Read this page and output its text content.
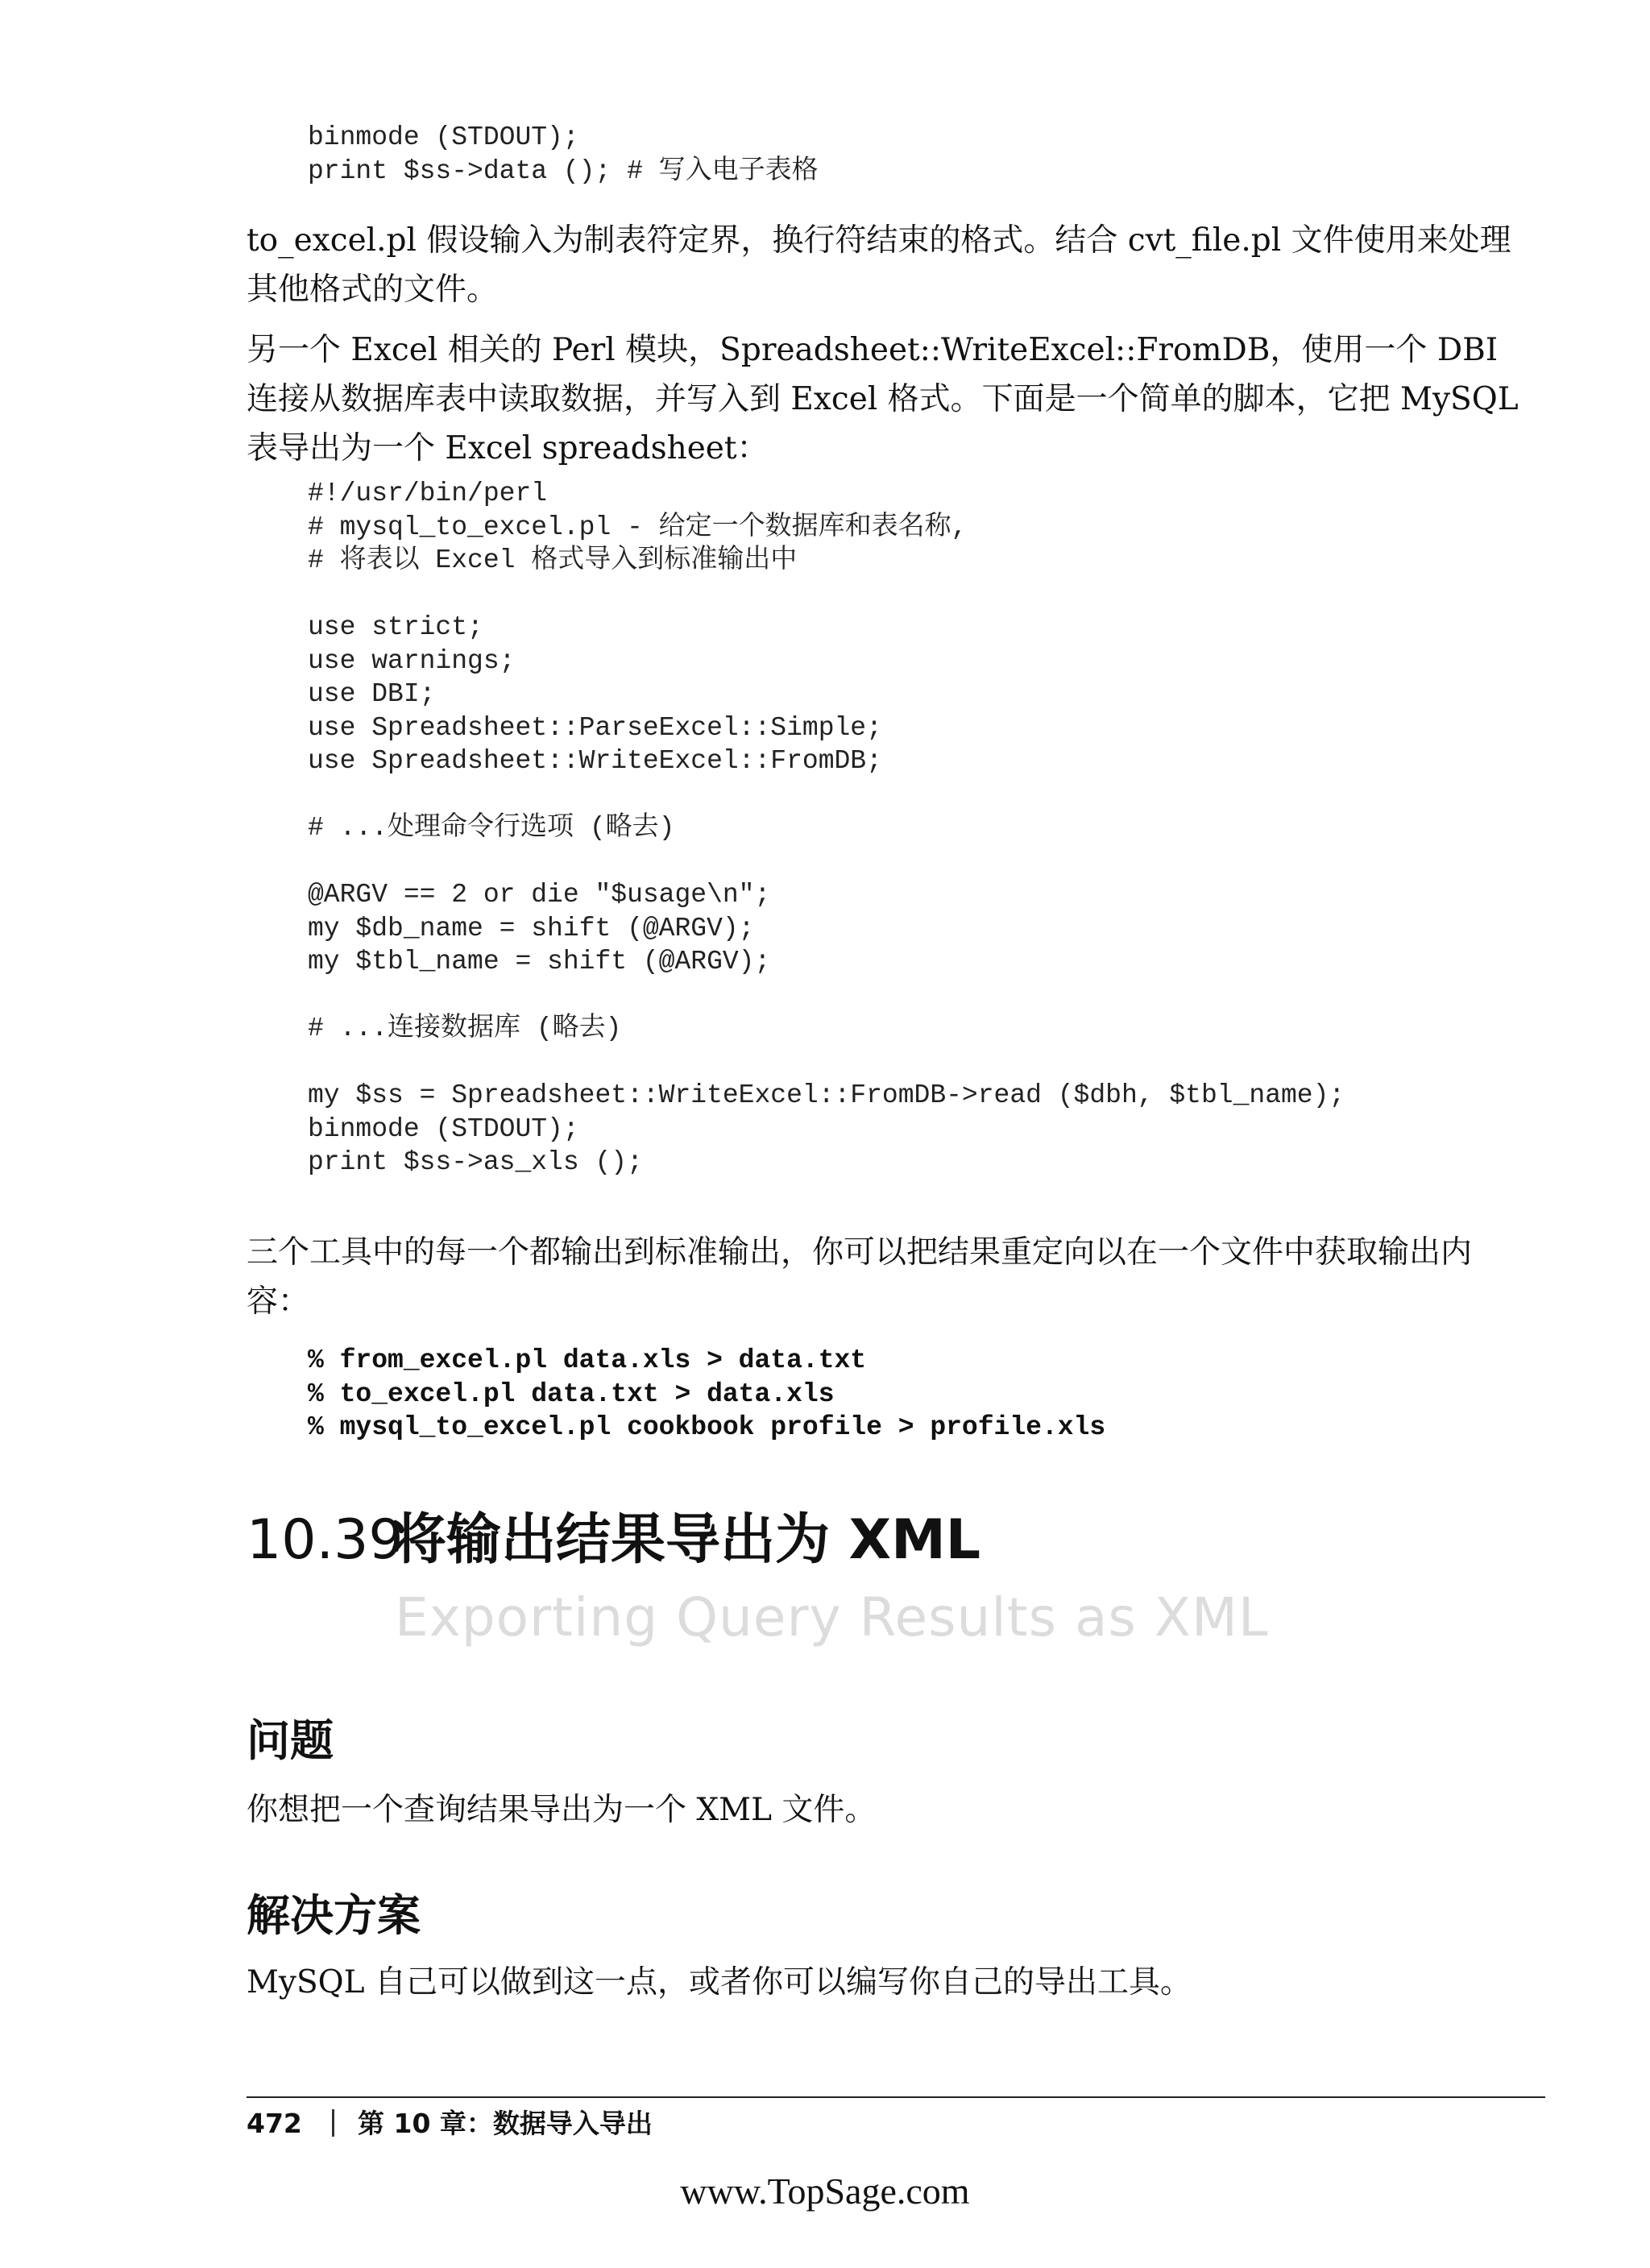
binmode (STDOUT);
print $ss->data (); # 写入电子表格

to_excel.pl 假设输入为制表符定界，换行符结束的格式。结合 cvt_file.pl 文件使用来处理其他格式的文件。

另一个 Excel 相关的 Perl 模块，Spreadsheet::WriteExcel::FromDB，使用一个 DBI 连接从数据库表中读取数据，并写入到 Excel 格式。下面是一个简单的脚本，它把 MySQL 表导出为一个 Excel spreadsheet：

#!/usr/bin/perl
# mysql_to_excel.pl - 给定一个数据库和表名称,
# 将表以 Excel 格式导入到标准输出中
use strict;
use warnings;
use DBI;
use Spreadsheet::ParseExcel::Simple;
use Spreadsheet::WriteExcel::FromDB;
# ...处理命令行选项 (略去)
@ARGV == 2 or die "$usage\n";
my $db_name = shift (@ARGV);
my $tbl_name = shift (@ARGV);
# ...连接数据库 (略去)
my $ss = Spreadsheet::WriteExcel::FromDB->read ($dbh, $tbl_name);
binmode (STDOUT);
print $ss->as_xls ();

三个工具中的每一个都输出到标准输出，你可以把结果重定向以在一个文件中获取输出内容：

% from_excel.pl data.xls > data.txt
% to_excel.pl data.txt > data.xls
% mysql_to_excel.pl cookbook profile > profile.xls
10.39
将输出结果导出为 XML
Exporting Query Results as XML
问题

你想把一个查询结果导出为一个 XML 文件。

解决方案

MySQL 自己可以做到这一点，或者你可以编写你自己的导出工具。

472 第 10 章：数据导入导出

www.TopSage.com
